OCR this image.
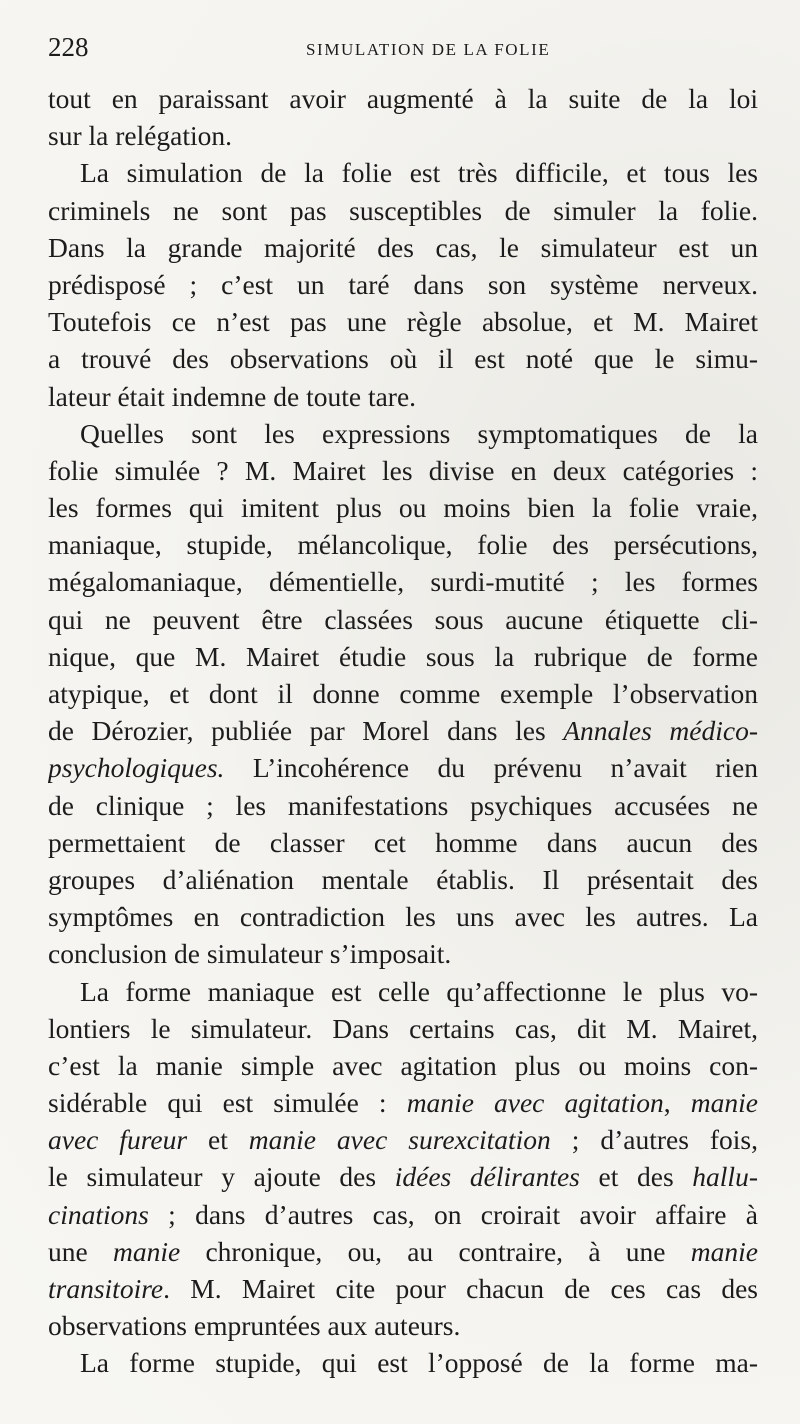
228	SIMULATION DE LA FOLIE
tout en paraissant avoir augmenté à la suite de la loi
sur la relégation.
La simulation de la folie est très difficile, et tous les
criminels ne sont pas susceptibles de simuler la folie.
Dans la grande majorité des cas, le simulateur est un
prédisposé ; c’est un taré dans son système nerveux.
Toutefois ce n’est pas une règle absolue, et M. Mairet
a trouvé des observations où il est noté que le simu-
lateur était indemne de toute tare.
Quelles sont les expressions symptomatiques de la
folie simulée ? M. Mairet les divise en deux catégories :
les formes qui imitent plus ou moins bien la folie vraie,
maniaque, stupide, mélancolique, folie des persécutions,
mégalomaniaque, démentielle, surdi-mutité ; les formes
qui ne peuvent être classées sous aucune étiquette cli-
nique, que M. Mairet étudie sous la rubrique de forme
atypique, et dont il donne comme exemple l’observation
de Dérozier, publiée par Morel dans les Annales médico-
psychologiques. L’incohérence du prévenu n’avait rien
de clinique ; les manifestations psychiques accusées ne
permettaient de classer cet homme dans aucun des
groupes d’aliénation mentale établis. Il présentait des
symptômes en contradiction les uns avec les autres. La
conclusion de simulateur s’imposait.
La forme maniaque est celle qu’affectionne le plus vo-
lontiers le simulateur. Dans certains cas, dit M. Mairet,
c’est la manie simple avec agitation plus ou moins con-
sidérable qui est simulée : manie avec agitation, manie
avec fureur et manie avec surexcitation ; d’autres fois,
le simulateur y ajoute des idées délirantes et des hallu-
cinations ; dans d’autres cas, on croirait avoir affaire à
une manie chronique, ou, au contraire, à une manie
transitoire. M. Mairet cite pour chacun de ces cas des
observations empruntées aux auteurs.
La forme stupide, qui est l’opposé de la forme ma-
